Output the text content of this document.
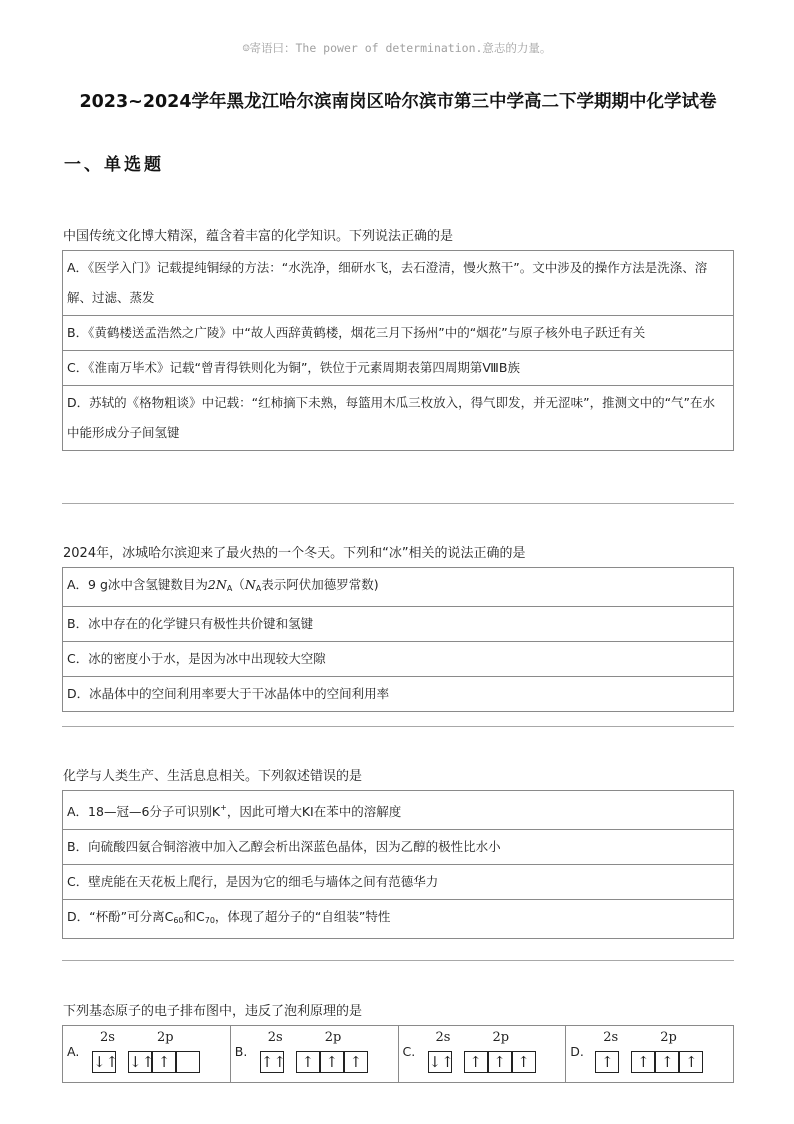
☺寄语曰：The power of determination.意志的力量。
2023~2024学年黑龙江哈尔滨南岗区哈尔滨市第三中学高二下学期期中化学试卷
一、单选题
中国传统文化博大精深，蕴含着丰富的化学知识。下列说法正确的是
A．《医学入门》记载提纯铜绿的方法：“水洗净，细研水飞，去石澄清，慢火熬干”。文中涉及的操作方法是洗涤、溶解、过滤、蒸发
B．《黄鹤楼送孟浩然之广陵》中“故人西辞黄鹤楼，烟花三月下扬州”中的“烟花”与原子核外电子跃迁有关
C．《淮南万毕术》记载“曾青得铁则化为铜”，铁位于元素周期表第四周期第ⅧB族
D．苏轼的《格物粗谈》中记载：“红柿摘下未熟，每篮用木瓜三枚放入，得气即发，并无涩味”，推测文中的“气”在水中能形成分子间氢键
2024年，冰城哈尔滨迎来了最火热的一个冬天。下列和“冰”相关的说法正确的是
A．9 g冰中含氢键数目为$2N_A(N_A$表示阿伏加德罗常数)
B．冰中存在的化学键只有极性共价键和氢键
C．冰的密度小于水，是因为冰中出现较大空隙
D．冰晶体中的空间利用率要大于干冰晶体中的空间利用率
化学与人类生产、生活息息相关。下列叙述错误的是
A．18—冠—6分子可识别K+，因此可增大KI在苯中的溶解度
B．向硫酸四氨合铜溶液中加入乙醇会析出深蓝色晶体，因为乙醇的极性比水小
C．壁虎能在天花板上爬行，是因为它的细毛与墙体之间有范德华力
D．“杯酚”可分离$C_{60}$和$C_{70}$，体现了超分子的“自组装”特性
下列基态原子的电子排布图中，违反了泡利原理的是
A.
2s	2p
↓↑ ↓↑ ↑
B.
2s	2p
↑↑	↑ ↑ ↑
C.
2s	2p
↓↑	↑ ↑ ↑
D.
2s	2p
↑	↑ ↑ ↑
